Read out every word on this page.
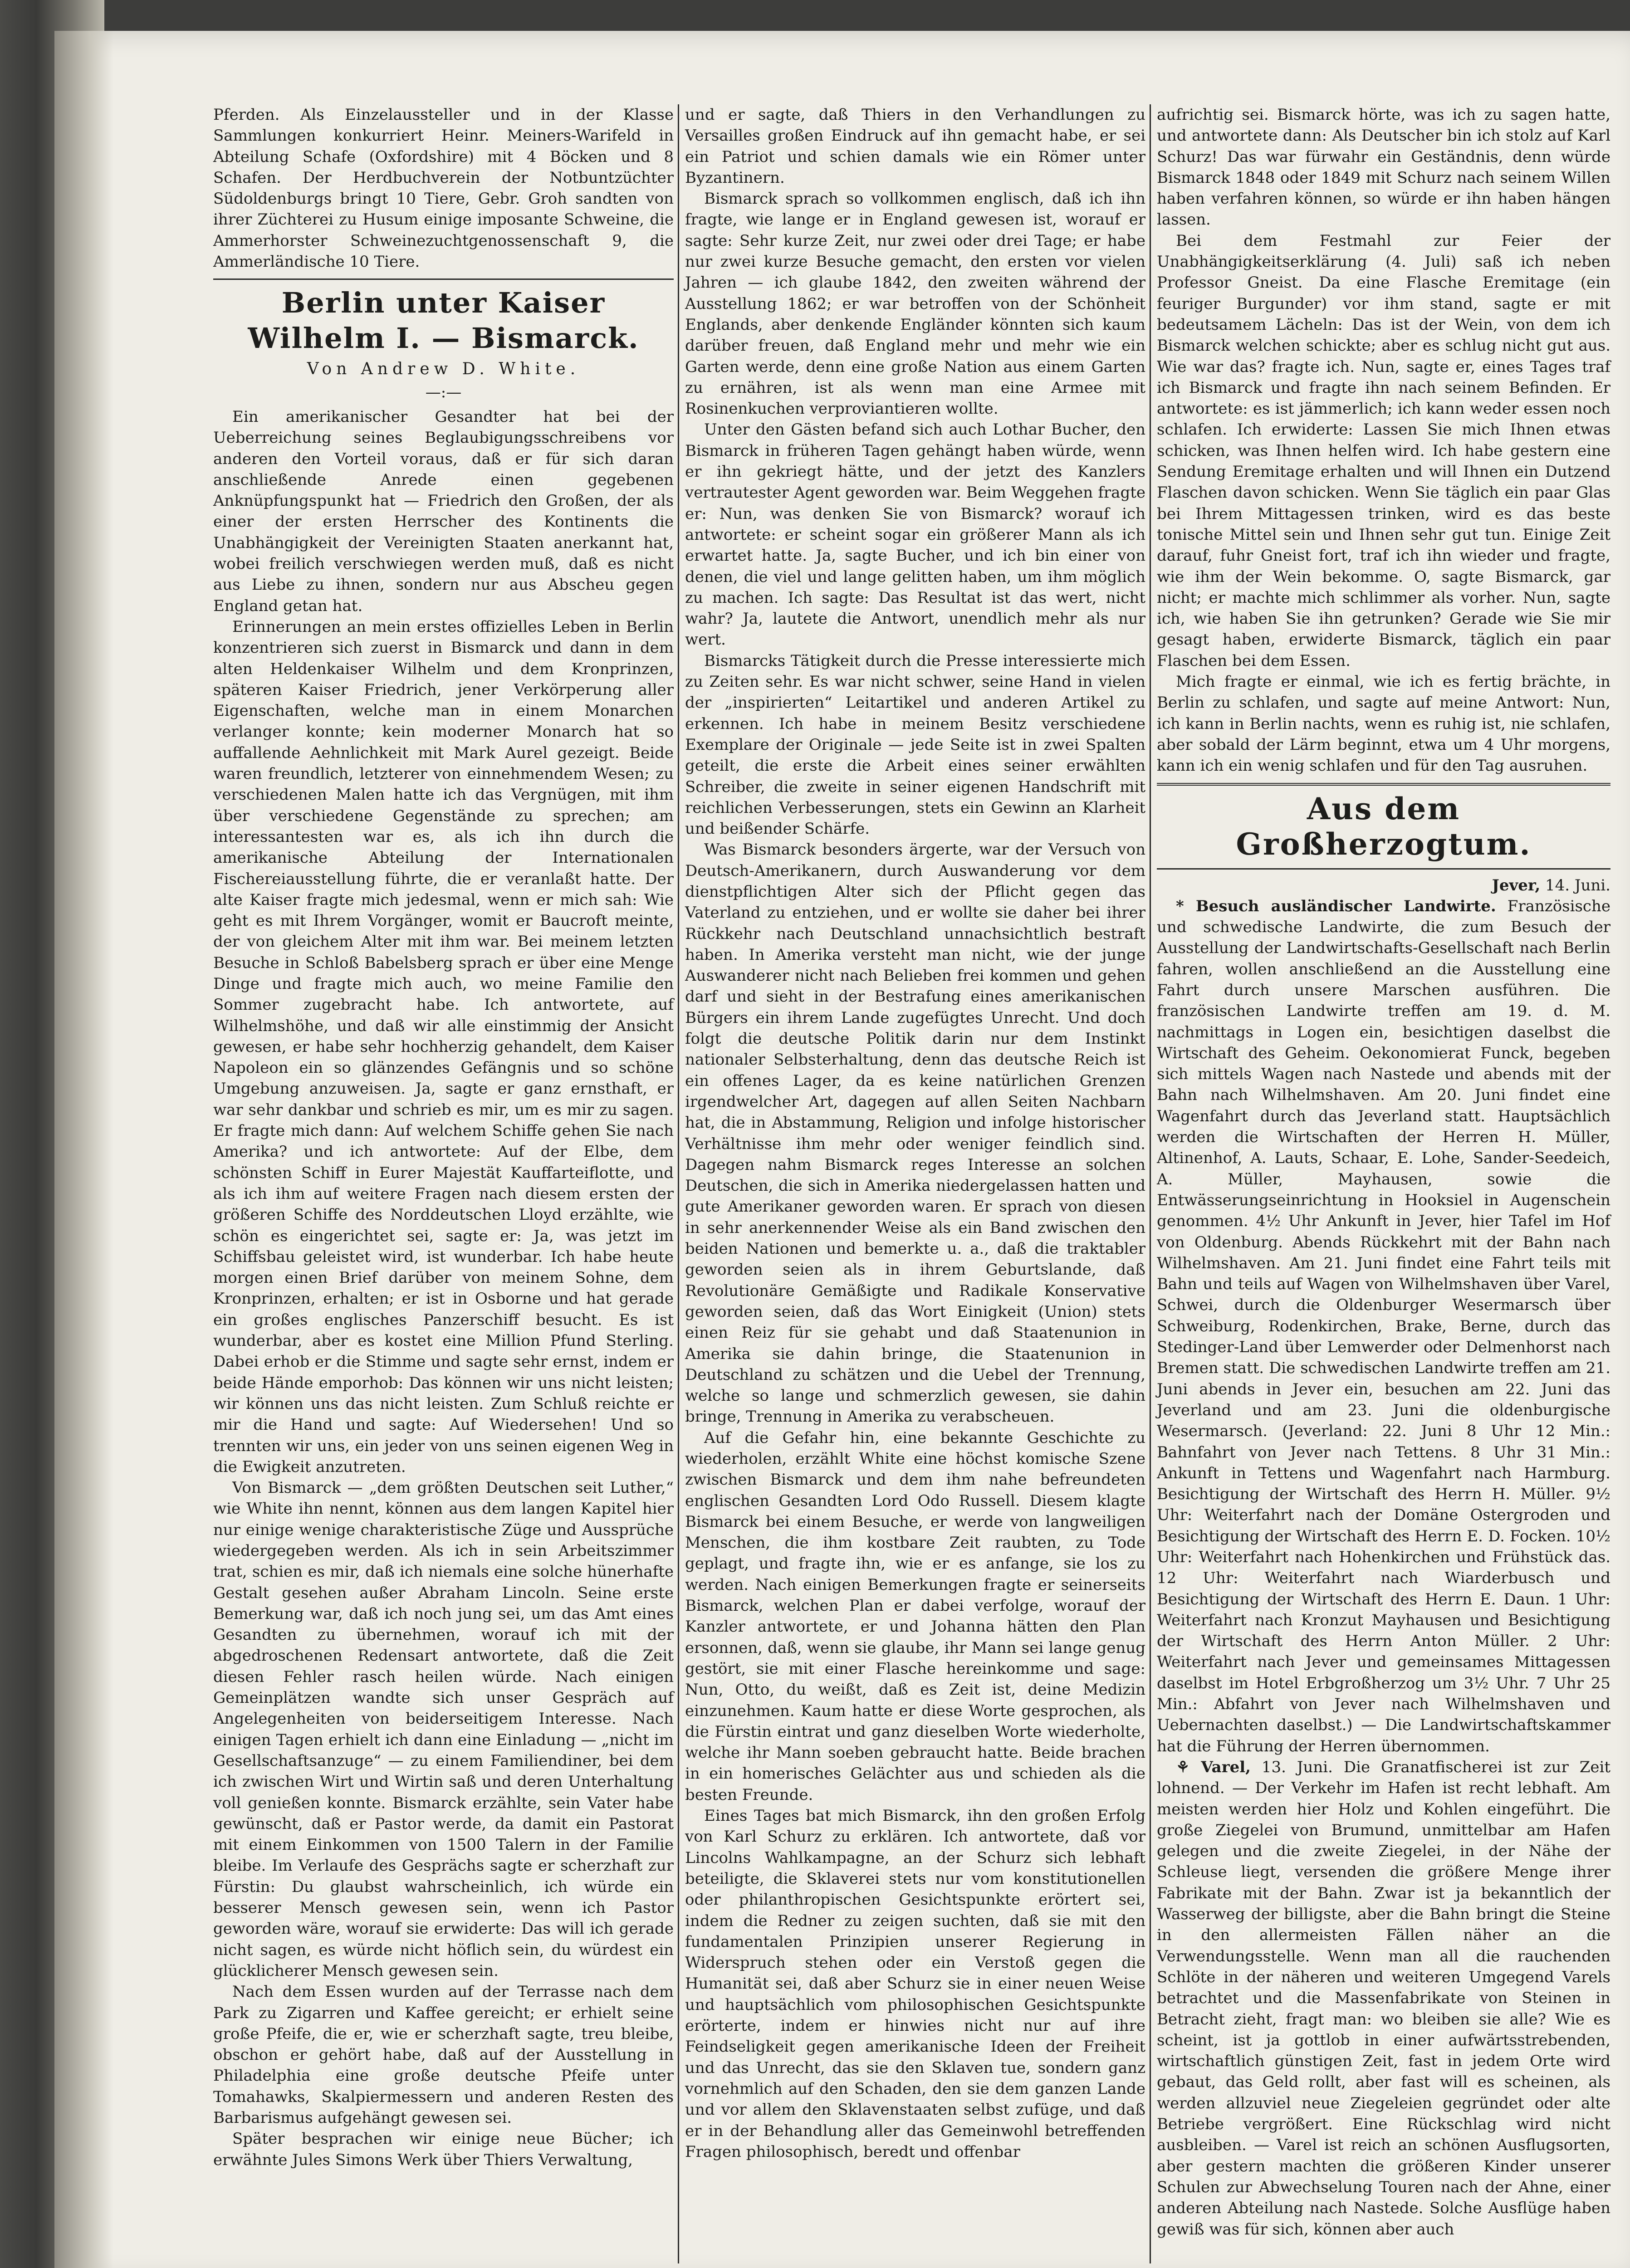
Pferden. Als Einzelaussteller und in der Klasse Sammlungen konkurriert Heinr. Meiners-Warifeld in Abteilung Schafe (Oxfordshire) mit 4 Böcken und 8 Schafen. Der Herdbuchverein der Notbuntzüchter Südoldenburgs bringt 10 Tiere, Gebr. Groh sandten von ihrer Züchterei zu Husum einige imposante Schweine, die Ammerhorster Schweinezuchtgenossenschaft 9, die Ammerländische 10 Tiere.

Berlin unter Kaiser Wilhelm I. — Bismarck.
Von Andrew D. White.
—:—

Ein amerikanischer Gesandter hat bei der Ueberreichung seines Beglaubigungsschreibens vor anderen den Vorteil voraus, daß er für sich daran anschließende Anrede einen gegebenen Anknüpfungspunkt hat — Friedrich den Großen, der als einer der ersten Herrscher des Kontinents die Unabhängigkeit der Vereinigten Staaten anerkannt hat, wobei freilich verschwiegen werden muß, daß es nicht aus Liebe zu ihnen, sondern nur aus Abscheu gegen England getan hat.

Erinnerungen an mein erstes offizielles Leben in Berlin konzentrieren sich zuerst in Bismarck und dann in dem alten Heldenkaiser Wilhelm und dem Kronprinzen, späteren Kaiser Friedrich, jener Verkörperung aller Eigenschaften, welche man in einem Monarchen verlanger konnte; kein moderner Monarch hat so auffallende Aehnlichkeit mit Mark Aurel gezeigt. Beide waren freundlich, letzterer von einnehmendem Wesen; zu verschiedenen Malen hatte ich das Vergnügen, mit ihm über verschiedene Gegenstände zu sprechen; am interessantesten war es, als ich ihn durch die amerikanische Abteilung der Internationalen Fischereiausstellung führte, die er veranlaßt hatte. Der alte Kaiser fragte mich jedesmal, wenn er mich sah: Wie geht es mit Ihrem Vorgänger, womit er Baucroft meinte, der von gleichem Alter mit ihm war. Bei meinem letzten Besuche in Schloß Babelsberg sprach er über eine Menge Dinge und fragte mich auch, wo meine Familie den Sommer zugebracht habe. Ich antwortete, auf Wilhelmshöhe, und daß wir alle einstimmig der Ansicht gewesen, er habe sehr hochherzig gehandelt, dem Kaiser Napoleon ein so glänzendes Gefängnis und so schöne Umgebung anzuweisen. Ja, sagte er ganz ernsthaft, er war sehr dankbar und schrieb es mir, um es mir zu sagen. Er fragte mich dann: Auf welchem Schiffe gehen Sie nach Amerika? und ich antwortete: Auf der Elbe, dem schönsten Schiff in Eurer Majestät Kauffarteiflotte, und als ich ihm auf weitere Fragen nach diesem ersten der größeren Schiffe des Norddeutschen Lloyd erzählte, wie schön es eingerichtet sei, sagte er: Ja, was jetzt im Schiffsbau geleistet wird, ist wunderbar. Ich habe heute morgen einen Brief darüber von meinem Sohne, dem Kronprinzen, erhalten; er ist in Osborne und hat gerade ein großes englisches Panzerschiff besucht. Es ist wunderbar, aber es kostet eine Million Pfund Sterling. Dabei erhob er die Stimme und sagte sehr ernst, indem er beide Hände emporhob: Das können wir uns nicht leisten; wir können uns das nicht leisten. Zum Schluß reichte er mir die Hand und sagte: Auf Wiedersehen! Und so trennten wir uns, ein jeder von uns seinen eigenen Weg in die Ewigkeit anzutreten.

Von Bismarck — „dem größten Deutschen seit Luther,“ wie White ihn nennt, können aus dem langen Kapitel hier nur einige wenige charakteristische Züge und Aussprüche wiedergegeben werden. Als ich in sein Arbeitszimmer trat, schien es mir, daß ich niemals eine solche hünerhafte Gestalt gesehen außer Abraham Lincoln. Seine erste Bemerkung war, daß ich noch jung sei, um das Amt eines Gesandten zu übernehmen, worauf ich mit der abgedroschenen Redensart antwortete, daß die Zeit diesen Fehler rasch heilen würde. Nach einigen Gemeinplätzen wandte sich unser Gespräch auf Angelegenheiten von beiderseitigem Interesse. Nach einigen Tagen erhielt ich dann eine Einladung — „nicht im Gesellschaftsanzuge“ — zu einem Familiendiner, bei dem ich zwischen Wirt und Wirtin saß und deren Unterhaltung voll genießen konnte. Bismarck erzählte, sein Vater habe gewünscht, daß er Pastor werde, da damit ein Pastorat mit einem Einkommen von 1500 Talern in der Familie bleibe. Im Verlaufe des Gesprächs sagte er scherzhaft zur Fürstin: Du glaubst wahrscheinlich, ich würde ein besserer Mensch gewesen sein, wenn ich Pastor geworden wäre, worauf sie erwiderte: Das will ich gerade nicht sagen, es würde nicht höflich sein, du würdest ein glücklicherer Mensch gewesen sein.

Nach dem Essen wurden auf der Terrasse nach dem Park zu Zigarren und Kaffee gereicht; er erhielt seine große Pfeife, die er, wie er scherzhaft sagte, treu bleibe, obschon er gehört habe, daß auf der Ausstellung in Philadelphia eine große deutsche Pfeife unter Tomahawks, Skalpiermessern und anderen Resten des Barbarismus aufgehängt gewesen sei.

Später besprachen wir einige neue Bücher; ich erwähnte Jules Simons Werk über Thiers Verwaltung,

und er sagte, daß Thiers in den Verhandlungen zu Versailles großen Eindruck auf ihn gemacht habe, er sei ein Patriot und schien damals wie ein Römer unter Byzantinern.

Bismarck sprach so vollkommen englisch, daß ich ihn fragte, wie lange er in England gewesen ist, worauf er sagte: Sehr kurze Zeit, nur zwei oder drei Tage; er habe nur zwei kurze Besuche gemacht, den ersten vor vielen Jahren — ich glaube 1842, den zweiten während der Ausstellung 1862; er war betroffen von der Schönheit Englands, aber denkende Engländer könnten sich kaum darüber freuen, daß England mehr und mehr wie ein Garten werde, denn eine große Nation aus einem Garten zu ernähren, ist als wenn man eine Armee mit Rosinenkuchen verproviantieren wollte.

Unter den Gästen befand sich auch Lothar Bucher, den Bismarck in früheren Tagen gehängt haben würde, wenn er ihn gekriegt hätte, und der jetzt des Kanzlers vertrautester Agent geworden war. Beim Weggehen fragte er: Nun, was denken Sie von Bismarck? worauf ich antwortete: er scheint sogar ein größerer Mann als ich erwartet hatte. Ja, sagte Bucher, und ich bin einer von denen, die viel und lange gelitten haben, um ihm möglich zu machen. Ich sagte: Das Resultat ist das wert, nicht wahr? Ja, lautete die Antwort, unendlich mehr als nur wert.

Bismarcks Tätigkeit durch die Presse interessierte mich zu Zeiten sehr. Es war nicht schwer, seine Hand in vielen der „inspirierten“ Leitartikel und anderen Artikel zu erkennen. Ich habe in meinem Besitz verschiedene Exemplare der Originale — jede Seite ist in zwei Spalten geteilt, die erste die Arbeit eines seiner erwählten Schreiber, die zweite in seiner eigenen Handschrift mit reichlichen Verbesserungen, stets ein Gewinn an Klarheit und beißender Schärfe.

Was Bismarck besonders ärgerte, war der Versuch von Deutsch-Amerikanern, durch Auswanderung vor dem dienstpflichtigen Alter sich der Pflicht gegen das Vaterland zu entziehen, und er wollte sie daher bei ihrer Rückkehr nach Deutschland unnachsichtlich bestraft haben. In Amerika versteht man nicht, wie der junge Auswanderer nicht nach Belieben frei kommen und gehen darf und sieht in der Bestrafung eines amerikanischen Bürgers ein ihrem Lande zugefügtes Unrecht. Und doch folgt die deutsche Politik darin nur dem Instinkt nationaler Selbsterhaltung, denn das deutsche Reich ist ein offenes Lager, da es keine natürlichen Grenzen irgendwelcher Art, dagegen auf allen Seiten Nachbarn hat, die in Abstammung, Religion und infolge historischer Verhältnisse ihm mehr oder weniger feindlich sind. Dagegen nahm Bismarck reges Interesse an solchen Deutschen, die sich in Amerika niedergelassen hatten und gute Amerikaner geworden waren. Er sprach von diesen in sehr anerkennender Weise als ein Band zwischen den beiden Nationen und bemerkte u. a., daß die traktabler geworden seien als in ihrem Geburtslande, daß Revolutionäre Gemäßigte und Radikale Konservative geworden seien, daß das Wort Einigkeit (Union) stets einen Reiz für sie gehabt und daß Staatenunion in Amerika sie dahin bringe, die Staatenunion in Deutschland zu schätzen und die Uebel der Trennung, welche so lange und schmerzlich gewesen, sie dahin bringe, Trennung in Amerika zu verabscheuen.

Auf die Gefahr hin, eine bekannte Geschichte zu wiederholen, erzählt White eine höchst komische Szene zwischen Bismarck und dem ihm nahe befreundeten englischen Gesandten Lord Odo Russell. Diesem klagte Bismarck bei einem Besuche, er werde von langweiligen Menschen, die ihm kostbare Zeit raubten, zu Tode geplagt, und fragte ihn, wie er es anfange, sie los zu werden. Nach einigen Bemerkungen fragte er seinerseits Bismarck, welchen Plan er dabei verfolge, worauf der Kanzler antwortete, er und Johanna hätten den Plan ersonnen, daß, wenn sie glaube, ihr Mann sei lange genug gestört, sie mit einer Flasche hereinkomme und sage: Nun, Otto, du weißt, daß es Zeit ist, deine Medizin einzunehmen. Kaum hatte er diese Worte gesprochen, als die Fürstin eintrat und ganz dieselben Worte wiederholte, welche ihr Mann soeben gebraucht hatte. Beide brachen in ein homerisches Gelächter aus und schieden als die besten Freunde.

Eines Tages bat mich Bismarck, ihn den großen Erfolg von Karl Schurz zu erklären. Ich antwortete, daß vor Lincolns Wahlkampagne, an der Schurz sich lebhaft beteiligte, die Sklaverei stets nur vom konstitutionellen oder philanthropischen Gesichtspunkte erörtert sei, indem die Redner zu zeigen suchten, daß sie mit den fundamentalen Prinzipien unserer Regierung in Widerspruch stehen oder ein Verstoß gegen die Humanität sei, daß aber Schurz sie in einer neuen Weise und hauptsächlich vom philosophischen Gesichtspunkte erörterte, indem er hinwies nicht nur auf ihre Feindseligkeit gegen amerikanische Ideen der Freiheit und das Unrecht, das sie den Sklaven tue, sondern ganz vornehmlich auf den Schaden, den sie dem ganzen Lande und vor allem den Sklavenstaaten selbst zufüge, und daß er in der Behandlung aller das Gemeinwohl betreffenden Fragen philosophisch, beredt und offenbar

aufrichtig sei. Bismarck hörte, was ich zu sagen hatte, und antwortete dann: Als Deutscher bin ich stolz auf Karl Schurz! Das war fürwahr ein Geständnis, denn würde Bismarck 1848 oder 1849 mit Schurz nach seinem Willen haben verfahren können, so würde er ihn haben hängen lassen.

Bei dem Festmahl zur Feier der Unabhängigkeitserklärung (4. Juli) saß ich neben Professor Gneist. Da eine Flasche Eremitage (ein feuriger Burgunder) vor ihm stand, sagte er mit bedeutsamem Lächeln: Das ist der Wein, von dem ich Bismarck welchen schickte; aber es schlug nicht gut aus. Wie war das? fragte ich. Nun, sagte er, eines Tages traf ich Bismarck und fragte ihn nach seinem Befinden. Er antwortete: es ist jämmerlich; ich kann weder essen noch schlafen. Ich erwiderte: Lassen Sie mich Ihnen etwas schicken, was Ihnen helfen wird. Ich habe gestern eine Sendung Eremitage erhalten und will Ihnen ein Dutzend Flaschen davon schicken. Wenn Sie täglich ein paar Glas bei Ihrem Mittagessen trinken, wird es das beste tonische Mittel sein und Ihnen sehr gut tun. Einige Zeit darauf, fuhr Gneist fort, traf ich ihn wieder und fragte, wie ihm der Wein bekomme. O, sagte Bismarck, gar nicht; er machte mich schlimmer als vorher. Nun, sagte ich, wie haben Sie ihn getrunken? Gerade wie Sie mir gesagt haben, erwiderte Bismarck, täglich ein paar Flaschen bei dem Essen.

Mich fragte er einmal, wie ich es fertig brächte, in Berlin zu schlafen, und sagte auf meine Antwort: Nun, ich kann in Berlin nachts, wenn es ruhig ist, nie schlafen, aber sobald der Lärm beginnt, etwa um 4 Uhr morgens, kann ich ein wenig schlafen und für den Tag ausruhen.

Aus dem Großherzogtum.

Jever, 14. Juni.

* Besuch ausländischer Landwirte. Französische und schwedische Landwirte, die zum Besuch der Ausstellung der Landwirtschafts-Gesellschaft nach Berlin fahren, wollen anschließend an die Ausstellung eine Fahrt durch unsere Marschen ausführen. Die französischen Landwirte treffen am 19. d. M. nachmittags in Logen ein, besichtigen daselbst die Wirtschaft des Geheim. Oekonomierat Funck, begeben sich mittels Wagen nach Nastede und abends mit der Bahn nach Wilhelmshaven. Am 20. Juni findet eine Wagenfahrt durch das Jeverland statt. Hauptsächlich werden die Wirtschaften der Herren H. Müller, Altinenhof, A. Lauts, Schaar, E. Lohe, Sander-Seedeich, A. Müller, Mayhausen, sowie die Entwässerungseinrichtung in Hooksiel in Augenschein genommen. 4½ Uhr Ankunft in Jever, hier Tafel im Hof von Oldenburg. Abends Rückkehrt mit der Bahn nach Wilhelmshaven. Am 21. Juni findet eine Fahrt teils mit Bahn und teils auf Wagen von Wilhelmshaven über Varel, Schwei, durch die Oldenburger Wesermarsch über Schweiburg, Rodenkirchen, Brake, Berne, durch das Stedinger-Land über Lemwerder oder Delmenhorst nach Bremen statt. Die schwedischen Landwirte treffen am 21. Juni abends in Jever ein, besuchen am 22. Juni das Jeverland und am 23. Juni die oldenburgische Wesermarsch. (Jeverland: 22. Juni 8 Uhr 12 Min.: Bahnfahrt von Jever nach Tettens. 8 Uhr 31 Min.: Ankunft in Tettens und Wagenfahrt nach Harmburg. Besichtigung der Wirtschaft des Herrn H. Müller. 9½ Uhr: Weiterfahrt nach der Domäne Ostergroden und Besichtigung der Wirtschaft des Herrn E. D. Focken. 10½ Uhr: Weiterfahrt nach Hohenkirchen und Frühstück das. 12 Uhr: Weiterfahrt nach Wiarderbusch und Besichtigung der Wirtschaft des Herrn E. Daun. 1 Uhr: Weiterfahrt nach Kronzut Mayhausen und Besichtigung der Wirtschaft des Herrn Anton Müller. 2 Uhr: Weiterfahrt nach Jever und gemeinsames Mittagessen daselbst im Hotel Erbgroßherzog um 3½ Uhr. 7 Uhr 25 Min.: Abfahrt von Jever nach Wilhelmshaven und Uebernachten daselbst.) — Die Landwirtschaftskammer hat die Führung der Herren übernommen.

⚘ Varel, 13. Juni. Die Granatfischerei ist zur Zeit lohnend. — Der Verkehr im Hafen ist recht lebhaft. Am meisten werden hier Holz und Kohlen eingeführt. Die große Ziegelei von Brumund, unmittelbar am Hafen gelegen und die zweite Ziegelei, in der Nähe der Schleuse liegt, versenden die größere Menge ihrer Fabrikate mit der Bahn. Zwar ist ja bekanntlich der Wasserweg der billigste, aber die Bahn bringt die Steine in den allermeisten Fällen näher an die Verwendungsstelle. Wenn man all die rauchenden Schlöte in der näheren und weiteren Umgegend Varels betrachtet und die Massenfabrikate von Steinen in Betracht zieht, fragt man: wo bleiben sie alle? Wie es scheint, ist ja gottlob in einer aufwärtsstrebenden, wirtschaftlich günstigen Zeit, fast in jedem Orte wird gebaut, das Geld rollt, aber fast will es scheinen, als werden allzuviel neue Ziegeleien gegründet oder alte Betriebe vergrößert. Eine Rückschlag wird nicht ausbleiben. — Varel ist reich an schönen Ausflugsorten, aber gestern machten die größeren Kinder unserer Schulen zur Abwechselung Touren nach der Ahne, einer anderen Abteilung nach Nastede. Solche Ausflüge haben gewiß was für sich, können aber auch
